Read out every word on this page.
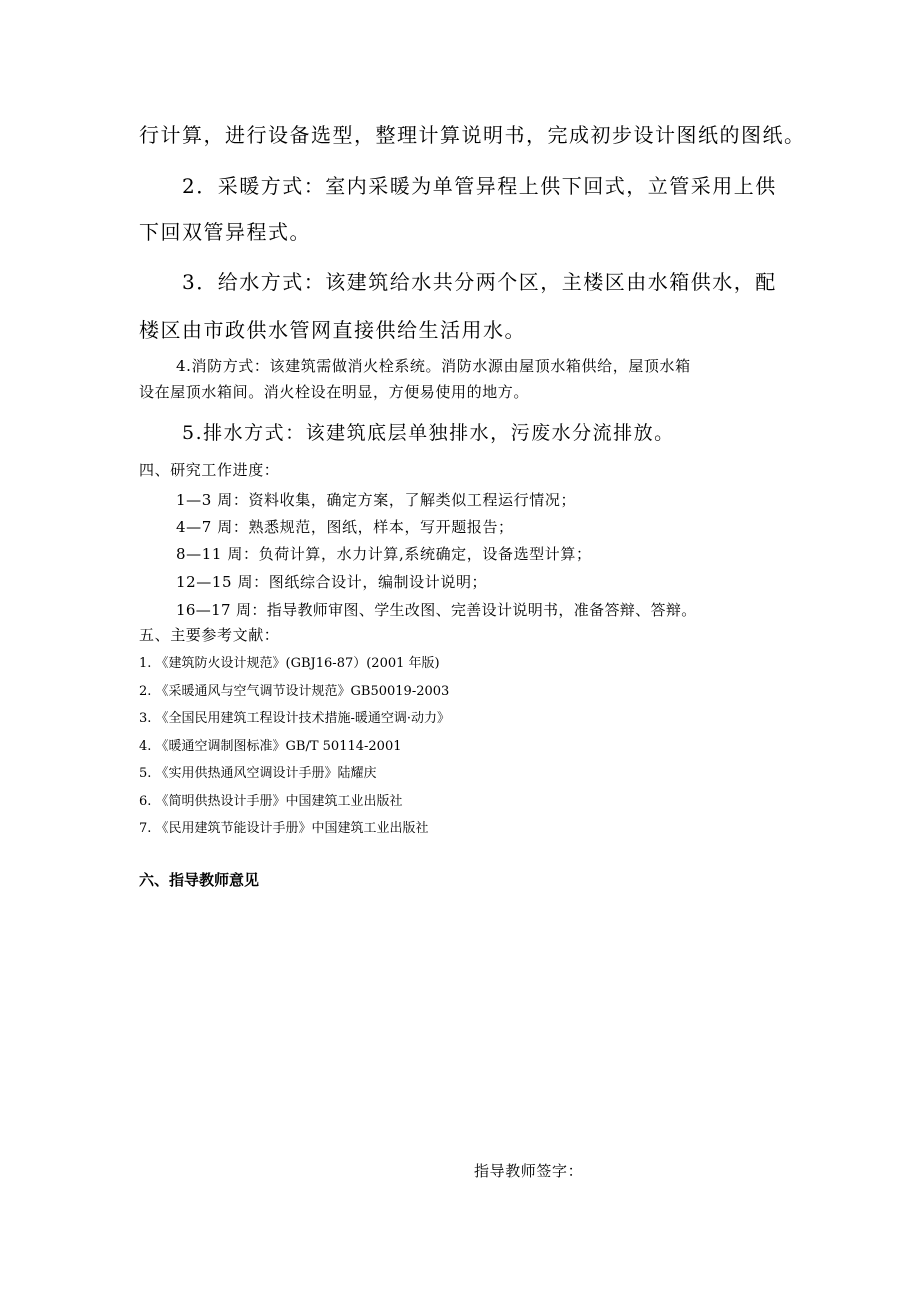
行计算，进行设备选型，整理计算说明书，完成初步设计图纸的图纸。
2．采暖方式：室内采暖为单管异程上供下回式，立管采用上供
下回双管异程式。
3．给水方式：该建筑给水共分两个区，主楼区由水箱供水，配
楼区由市政供水管网直接供给生活用水。
4.消防方式：该建筑需做消火栓系统。消防水源由屋顶水箱供给，屋顶水箱
设在屋顶水箱间。消火栓设在明显，方便易使用的地方。
5.排水方式：该建筑底层单独排水，污废水分流排放。
四、研究工作进度：
1—3 周：资料收集，确定方案，了解类似工程运行情况；
4—7 周：熟悉规范，图纸，样本，写开题报告；
8—11 周：负荷计算，水力计算,系统确定，设备选型计算；
12—15 周：图纸综合设计，编制设计说明；
16—17 周：指导教师审图、学生改图、完善设计说明书，准备答辩、答辩。
五、主要参考文献：
1. 《建筑防火设计规范》(GBJ16-87）(2001 年版)
2. 《采暖通风与空气调节设计规范》GB50019-2003
3. 《全国民用建筑工程设计技术措施-暖通空调·动力》
4. 《暖通空调制图标准》GB/T 50114-2001
5. 《实用供热通风空调设计手册》陆耀庆
6. 《简明供热设计手册》中国建筑工业出版社
7. 《民用建筑节能设计手册》中国建筑工业出版社
六、指导教师意见
指导教师签字：
